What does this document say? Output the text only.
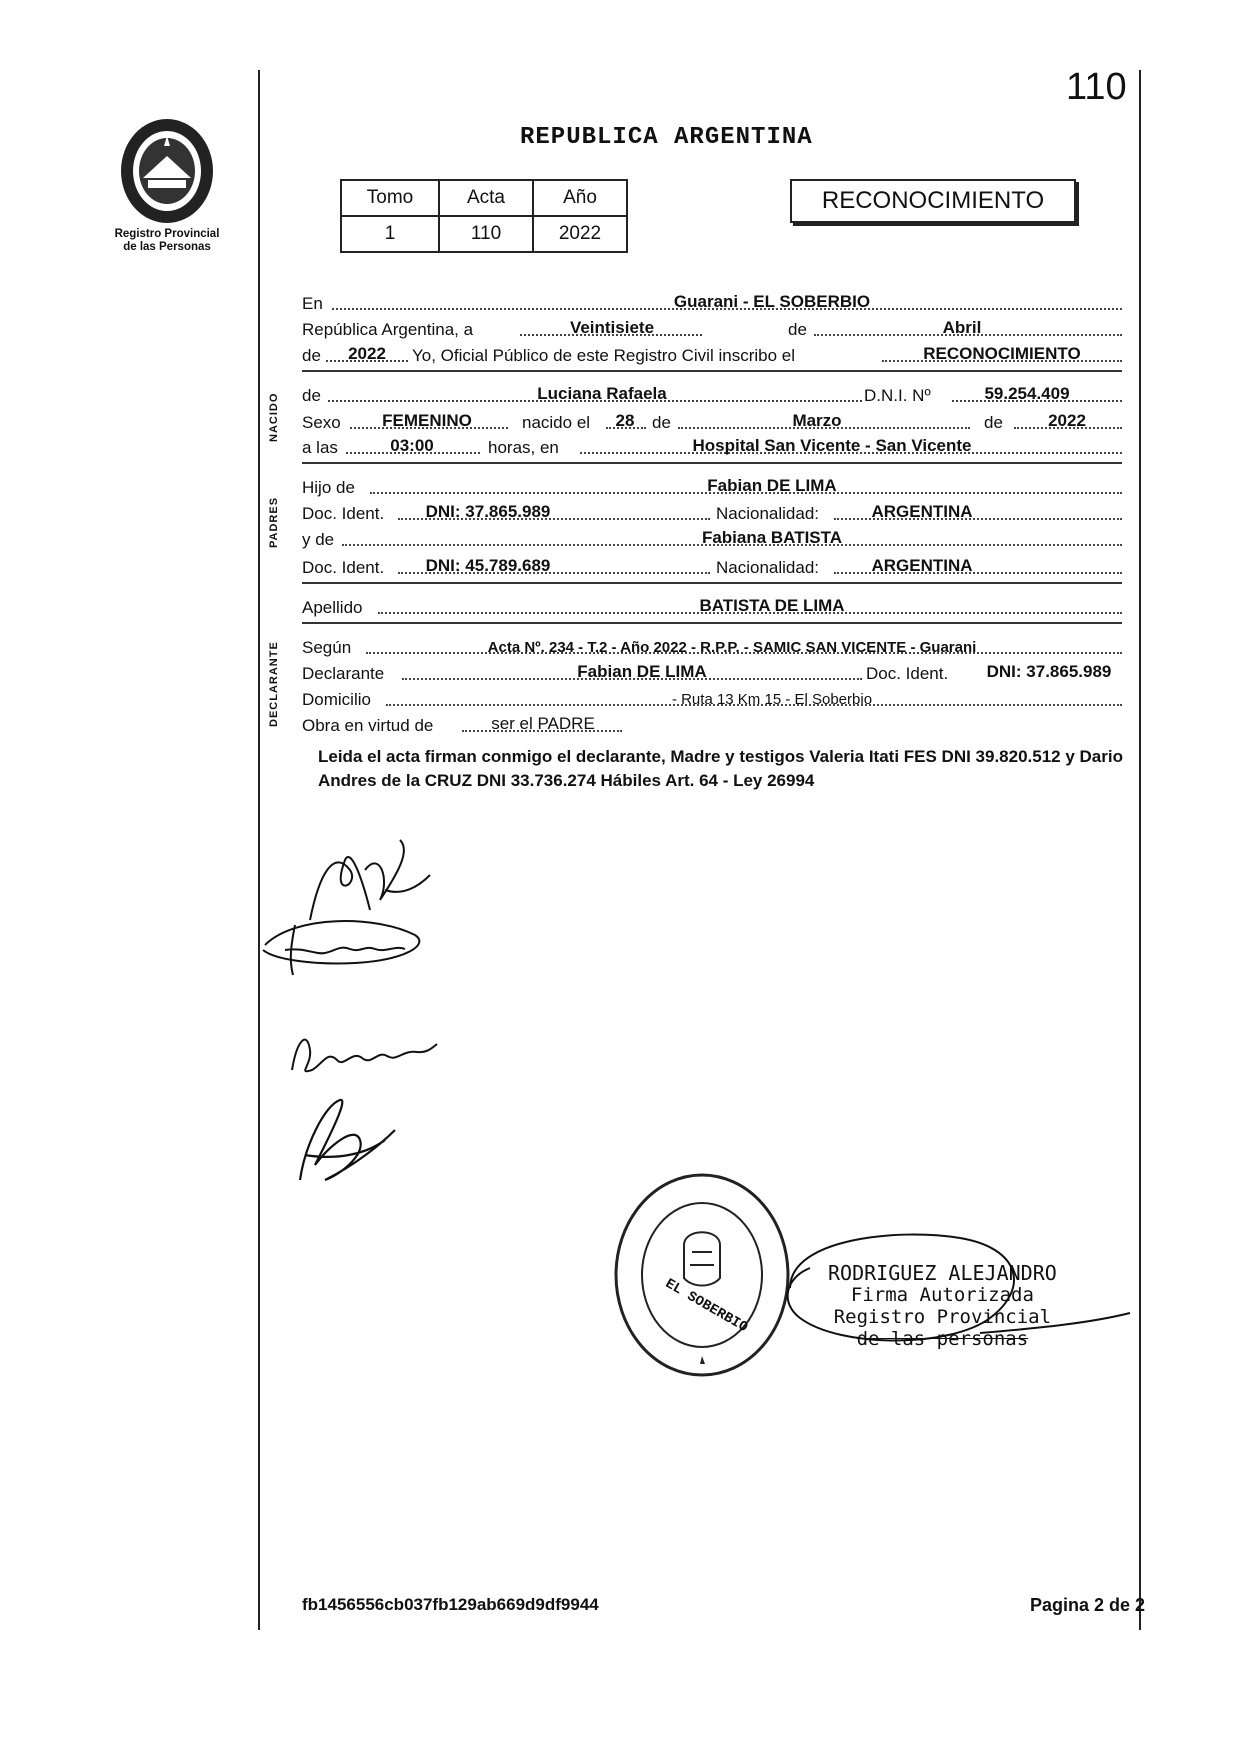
110
REPUBLICA ARGENTINA
Registro Provincial
de las Personas
Tomo	Acta	Año
1	110	2022
RECONOCIMIENTO
NACIDO
PADRES
DECLARANTE
En	Guarani - EL SOBERBIO
República Argentina, a	Veintisiete	de	Abril
de	2022	Yo, Oficial Público de este Registro Civil inscribo el	RECONOCIMIENTO
de	Luciana Rafaela	D.N.I. Nº	59.254.409
Sexo	FEMENINO	nacido el	28	de	Marzo	de	2022
a las	03:00	horas, en	Hospital San Vicente - San Vicente
Hijo de	Fabian DE LIMA
Doc. Ident.	DNI: 37.865.989	Nacionalidad:	ARGENTINA
y de	Fabiana BATISTA
Doc. Ident.	DNI: 45.789.689	Nacionalidad:	ARGENTINA
Apellido	BATISTA DE LIMA
Según	Acta Nº. 234 - T.2 - Año 2022 - R.P.P. - SAMIC SAN VICENTE - Guarani
Declarante	Fabian DE LIMA	Doc. Ident.	DNI: 37.865.989
Domicilio	- Ruta 13 Km 15 - El Soberbio
Obra en virtud de	ser el PADRE
Leida el acta firman conmigo el declarante, Madre y testigos Valeria Itati FES DNI 39.820.512 y Dario Andres de la CRUZ DNI 33.736.274 Hábiles Art. 64 - Ley 26994
EL SOBERBIO
RODRIGUEZ ALEJANDRO
Firma Autorizada
Registro Provincial
de las personas
fb1456556cb037fb129ab669d9df9944	Pagina 2 de 2
